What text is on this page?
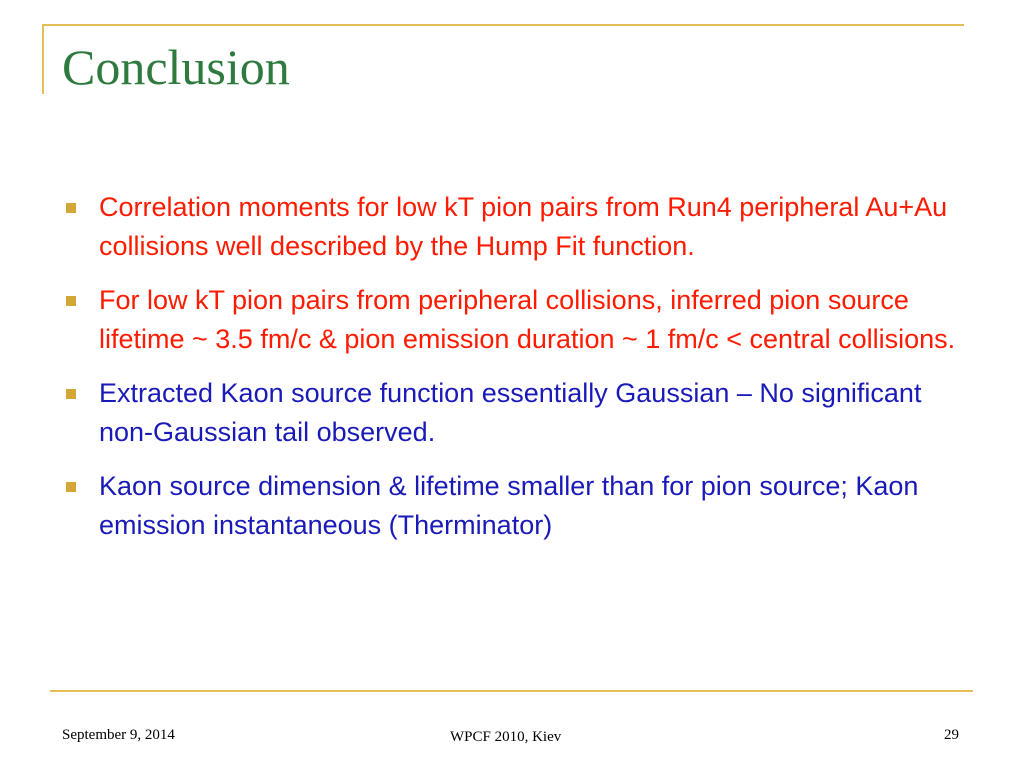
Conclusion
Correlation moments for low kT pion pairs from Run4 peripheral Au+Au collisions well described by the Hump Fit function.
For low kT pion pairs from peripheral collisions, inferred pion source lifetime ~ 3.5 fm/c & pion emission duration ~ 1 fm/c < central collisions.
Extracted Kaon source function essentially Gaussian – No significant non-Gaussian tail observed.
Kaon source dimension & lifetime smaller than for pion source; Kaon emission instantaneous (Therminator)
September 9, 2014	WPCF 2010, Kiev	29
